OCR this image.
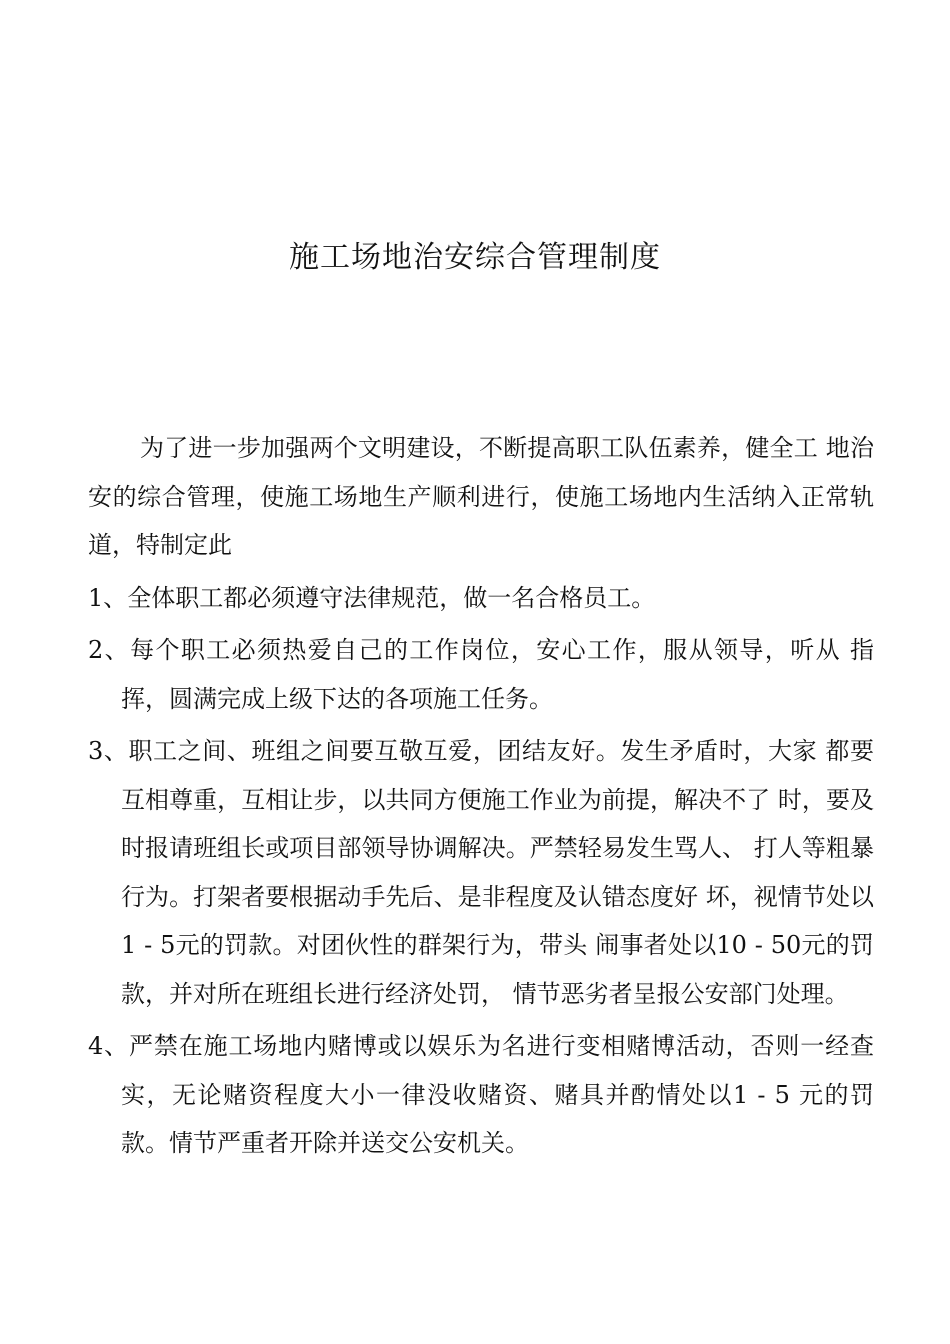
施工场地治安综合管理制度

为了进一步加强两个文明建设，不断提高职工队伍素养，健全工 地治安的综合管理，使施工场地生产顺利进行，使施工场地内生活纳入正常轨 道，特制定此

1、全体职工都必须遵守法律规范，做一名合格员工。

2、每个职工必须热爱自己的工作岗位，安心工作，服从领导，听从 指挥，圆满完成上级下达的各项施工任务。

3、职工之间、班组之间要互敬互爱，团结友好。发生矛盾时，大家 都要互相尊重，互相让步，以共同方便施工作业为前提，解决不了 时，要及时报请班组长或项目部领导协调解决。严禁轻易发生骂人、 打人等粗暴行为。打架者要根据动手先后、是非程度及认错态度好 坏，视情节处以1 - 5元的罚款。对团伙性的群架行为，带头 闹事者处以10 - 50元的罚款，并对所在班组长进行经济处罚， 情节恶劣者呈报公安部门处理。

4、严禁在施工场地内赌博或以娱乐为名进行变相赌博活动，否则一经查实，无论赌资程度大小一律没收赌资、赌具并酌情处以1 - 5 元的罚款。情节严重者开除并送交公安机关。
